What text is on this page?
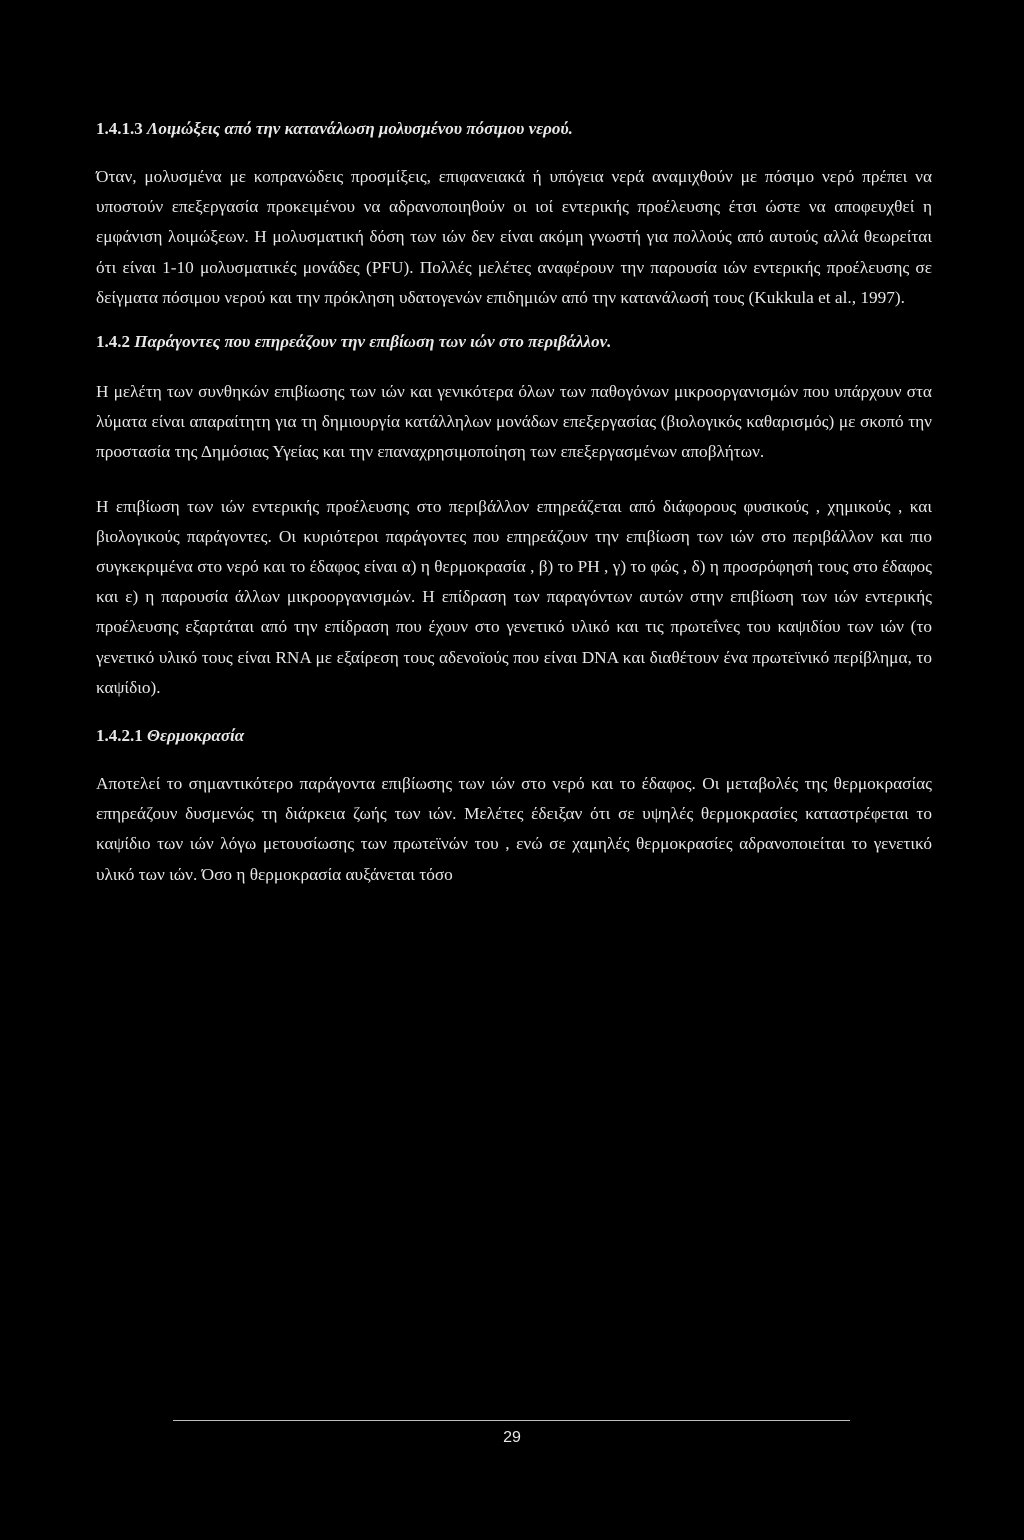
1.4.1.3 Λοιμώξεις από την κατανάλωση μολυσμένου πόσιμου νερού.

Όταν, μολυσμένα με κοπρανώδεις προσμίξεις, επιφανειακά ή υπόγεια νερά αναμιχθούν με πόσιμο νερό πρέπει να υποστούν επεξεργασία προκειμένου να αδρανοποιηθούν οι ιοί εντερικής προέλευσης έτσι ώστε να αποφευχθεί η εμφάνιση λοιμώξεων. Η μολυσματική δόση των ιών δεν είναι ακόμη γνωστή για πολλούς από αυτούς αλλά θεωρείται ότι είναι 1-10 μολυσματικές μονάδες (PFU). Πολλές μελέτες αναφέρουν την παρουσία ιών εντερικής προέλευσης σε δείγματα πόσιμου νερού και την πρόκληση υδατογενών επιδημιών από την κατανάλωσή τους (Kukkula et al., 1997).

1.4.2 Παράγοντες που επηρεάζουν την επιβίωση των ιών στο περιβάλλον.

Η μελέτη των συνθηκών επιβίωσης των ιών και γενικότερα όλων των παθογόνων μικροοργανισμών που υπάρχουν στα λύματα είναι απαραίτητη για τη δημιουργία κατάλληλων μονάδων επεξεργασίας (βιολογικός καθαρισμός) με σκοπό την προστασία της Δημόσιας Υγείας και την επαναχρησιμοποίηση των επεξεργασμένων αποβλήτων.

Η επιβίωση των ιών εντερικής προέλευσης στο περιβάλλον επηρεάζεται από διάφορους φυσικούς , χημικούς , και βιολογικούς παράγοντες. Οι κυριότεροι παράγοντες που επηρεάζουν την επιβίωση των ιών στο περιβάλλον και πιο συγκεκριμένα στο νερό και το έδαφος είναι α) η θερμοκρασία , β) το PH , γ) το φώς , δ) η προσρόφησή τους στο έδαφος και ε) η παρουσία άλλων μικροοργανισμών. Η επίδραση των παραγόντων αυτών στην επιβίωση των ιών εντερικής προέλευσης εξαρτάται από την επίδραση που έχουν στο γενετικό υλικό και τις πρωτεΐνες του καψιδίου των ιών (το γενετικό υλικό τους είναι RNA με εξαίρεση τους αδενοϊούς που είναι DNA και διαθέτουν ένα πρωτεϊνικό περίβλημα, το καψίδιο).

1.4.2.1 Θερμοκρασία

Αποτελεί το σημαντικότερο παράγοντα επιβίωσης των ιών στο νερό και το έδαφος. Οι μεταβολές της θερμοκρασίας επηρεάζουν δυσμενώς τη διάρκεια ζωής των ιών. Μελέτες έδειξαν ότι σε υψηλές θερμοκρασίες καταστρέφεται το καψίδιο των ιών λόγω μετουσίωσης των πρωτεϊνών του , ενώ σε χαμηλές θερμοκρασίες αδρανοποιείται το γενετικό υλικό των ιών. Όσο η θερμοκρασία αυξάνεται τόσο

29
